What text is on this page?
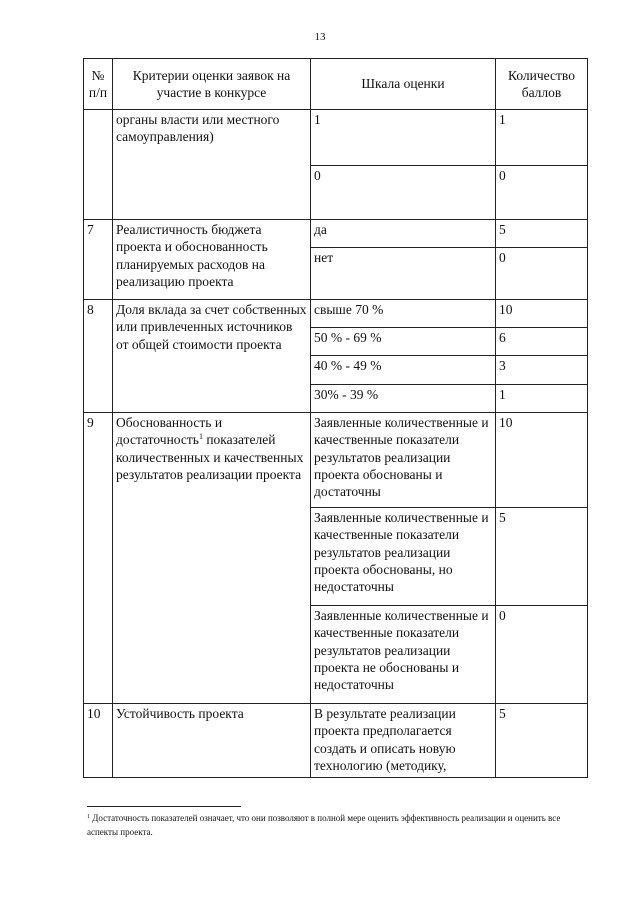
13
№ п/п	Критерии оценки заявок на участие в конкурсе	Шкала оценки	Количество баллов
	органы власти или местного самоуправления)	1	1
		0	0
7	Реалистичность бюджета проекта и обоснованность планируемых расходов на реализацию проекта	да	5
		нет	0
8	Доля вклада за счет собственных или привлеченных источников от общей стоимости проекта	свыше 70 %	10
		50 % - 69 %	6
		40 % - 49 %	3
		30% - 39 %	1
9	Обоснованность и достаточность$^1$ показателей количественных и качественных результатов реализации проекта	Заявленные количественные и качественные показатели результатов реализации проекта обоснованы и достаточны	10
		Заявленные количественные и качественные показатели результатов реализации проекта обоснованы, но недостаточны	5
		Заявленные количественные и качественные показатели результатов реализации проекта не обоснованы и недостаточны	0
10	Устойчивость проекта	В результате реализации проекта предполагается создать и описать новую технологию (методику,	5
$^1$ Достаточность показателей означает, что они позволяют в полной мере оценить эффективность реализации и оценить все аспекты проекта.
